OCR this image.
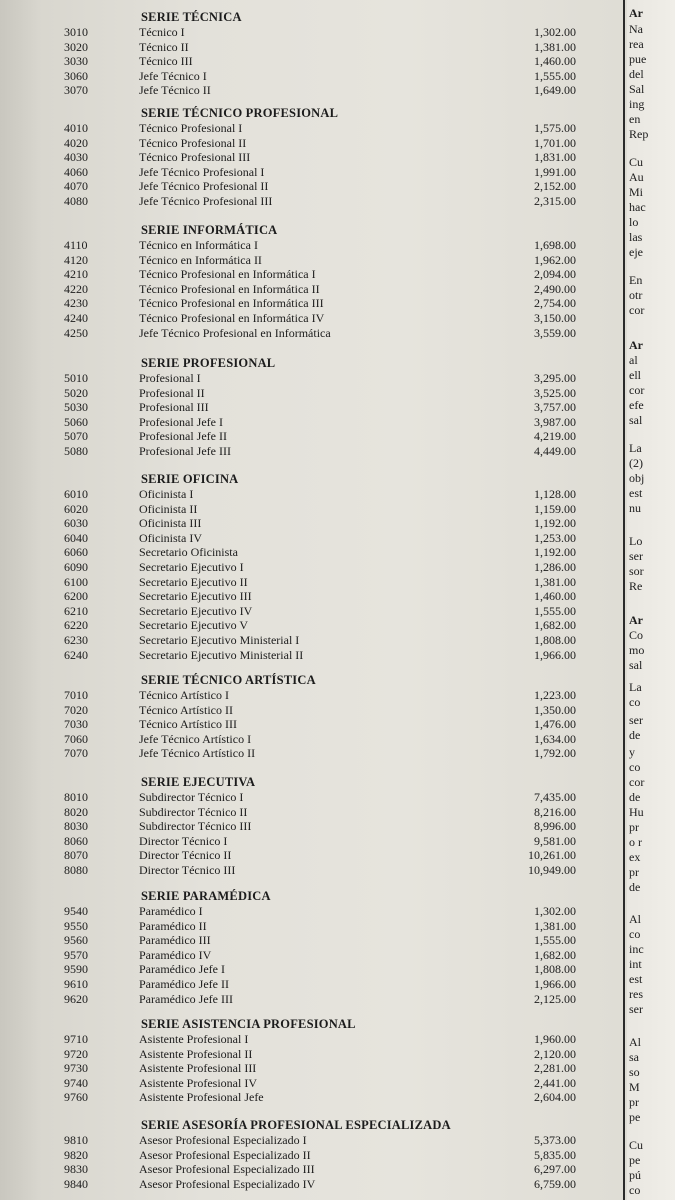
SERIE TÉCNICA
3010	Técnico I	1,302.00
3020	Técnico II	1,381.00
3030	Técnico III	1,460.00
3060	Jefe Técnico I	1,555.00
3070	Jefe Técnico II	1,649.00
SERIE TÉCNICO PROFESIONAL
4010	Técnico Profesional I	1,575.00
4020	Técnico Profesional II	1,701.00
4030	Técnico Profesional III	1,831.00
4060	Jefe Técnico Profesional I	1,991.00
4070	Jefe Técnico Profesional II	2,152.00
4080	Jefe Técnico Profesional III	2,315.00
SERIE INFORMÁTICA
4110	Técnico en Informática I	1,698.00
4120	Técnico en Informática II	1,962.00
4210	Técnico Profesional en Informática I	2,094.00
4220	Técnico Profesional en Informática II	2,490.00
4230	Técnico Profesional en Informática III	2,754.00
4240	Técnico Profesional en Informática IV	3,150.00
4250	Jefe Técnico Profesional en Informática	3,559.00
SERIE PROFESIONAL
5010	Profesional I	3,295.00
5020	Profesional II	3,525.00
5030	Profesional III	3,757.00
5060	Profesional Jefe I	3,987.00
5070	Profesional Jefe II	4,219.00
5080	Profesional Jefe III	4,449.00
SERIE OFICINA
6010	Oficinista I	1,128.00
6020	Oficinista II	1,159.00
6030	Oficinista III	1,192.00
6040	Oficinista IV	1,253.00
6060	Secretario Oficinista	1,192.00
6090	Secretario Ejecutivo I	1,286.00
6100	Secretario Ejecutivo II	1,381.00
6200	Secretario Ejecutivo III	1,460.00
6210	Secretario Ejecutivo IV	1,555.00
6220	Secretario Ejecutivo V	1,682.00
6230	Secretario Ejecutivo Ministerial I	1,808.00
6240	Secretario Ejecutivo Ministerial II	1,966.00
SERIE TÉCNICO ARTÍSTICA
7010	Técnico Artístico I	1,223.00
7020	Técnico Artístico II	1,350.00
7030	Técnico Artístico III	1,476.00
7060	Jefe Técnico Artístico I	1,634.00
7070	Jefe Técnico Artístico II	1,792.00
SERIE EJECUTIVA
8010	Subdirector Técnico I	7,435.00
8020	Subdirector Técnico II	8,216.00
8030	Subdirector Técnico III	8,996.00
8060	Director Técnico I	9,581.00
8070	Director Técnico II	10,261.00
8080	Director Técnico III	10,949.00
SERIE PARAMÉDICA
9540	Paramédico I	1,302.00
9550	Paramédico II	1,381.00
9560	Paramédico III	1,555.00
9570	Paramédico IV	1,682.00
9590	Paramédico Jefe I	1,808.00
9610	Paramédico Jefe II	1,966.00
9620	Paramédico Jefe III	2,125.00
SERIE ASISTENCIA PROFESIONAL
9710	Asistente Profesional I	1,960.00
9720	Asistente Profesional II	2,120.00
9730	Asistente Profesional III	2,281.00
9740	Asistente Profesional IV	2,441.00
9760	Asistente Profesional Jefe	2,604.00
SERIE ASESORÍA PROFESIONAL ESPECIALIZADA
9810	Asesor Profesional Especializado I	5,373.00
9820	Asesor Profesional Especializado II	5,835.00
9830	Asesor Profesional Especializado III	6,297.00
9840	Asesor Profesional Especializado IV	6,759.00
Ar
Na
rea
pue
del
Sal
ing
en
Rep
Cu
Au
Mi
hac
lo
las
eje
En
otr
cor
Ar
al
ell
cor
efe
sal
La
(2)
obj
est
nu
Lo
ser
sor
Re
Ar
Co
mo
sal
La
co
ser
de
y
co
cor
de
Hu
pr
o r
ex
pr
de
Al
co
inc
int
est
res
ser
Al
sa
so
M
pr
pe
Cu
pe
pú
co
